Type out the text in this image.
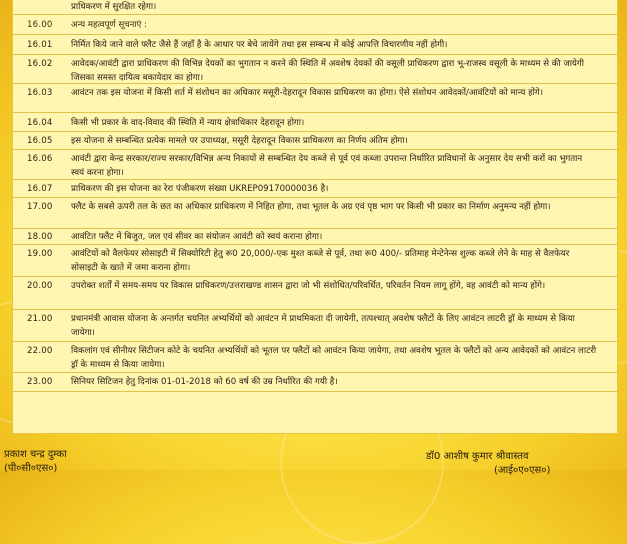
प्राधिकरण में सुरक्षित रहेगा।
16.00	अन्य महत्वपूर्ण सूचनाएं :
16.01	निर्मित किये जाने वाले फ्लैट जैसे हैं जहाँ है के आधार पर बेचे जायेंगे तथा इस सम्बन्ध में कोई आपत्ति विचारणीय नहीं होगी।
16.02	आवेदक/आवंटी द्वारा प्राधिकरण की विभिन्न देयकों का भुगतान न करने की स्थिति में अवशेष देयकों की वसूली प्राधिकरण द्वारा भू-राजस्व वसूली के माध्यम से की जायेगी जिसका समस्त दायित्व बकायेदार का होगा।
16.03	आवंटन तक इस योजना में किसी शर्त में संशोधन का अधिकार मसूरी-देहरादून विकास प्राधिकरण का होगा। ऐसे संशोधन आवेदकों/आवंटियों को मान्य होंगे।
16.04	किसी भी प्रकार के वाद-विवाद की स्थिति में न्याय क्षेत्राधिकार देहरादून होगा।
16.05	इस योजना से सम्बन्धित प्रत्येक मामले पर उपाध्यक्ष, मसूरी देहरादून विकास प्राधिकरण का निर्णय अंतिम होगा।
16.06	आवंटी द्वारा केन्द्र सरकार/राज्य सरकार/विभिन्न अन्य निकायों से सम्बन्धित देय कब्जे से पूर्व एवं कब्जा उपरान्त निर्धारित प्राविधानों के अनुसार देय सभी करों का भुगतान स्वयं करना होगा।
16.07	प्राधिकरण की इस योजना का रेरा पंजीकरण संख्या UKREP09170000036 है।
17.00	फ्लैट के सबसे ऊपरी तल के छत का अधिकार प्राधिकरण में निहित होगा, तथा भूतल के अग्र एवं पृष्ठ भाग पर किसी भी प्रकार का निर्माण अनुमन्य नहीं होगा।
18.00	आवंटित फ्लैट में बिजुत, जल एवं सीवर का संयोजन आवंटी को स्वयं कराना होगा।
19.00	आवंटियों को वैलफेयर सोसाइटी में सिक्योरिटी हेतु रू0 20,000/-एक मुश्त कब्जे से पूर्व, तथा रू0 400/- प्रतिमाह मेन्टेनेन्स शुल्क कब्जे लेने के माह से वैलफेयर सोसाइटी के खाते में जमा कराना होगा।
20.00	उपरोक्त शर्तों में समय-समय पर विकास प्राधिकरण/उत्तराखण्ड शासन द्वारा जो भी संशोधित/परिवर्धित, परिवर्तन नियम लागू होंगे, वह आवंटी को मान्य होंगे।
21.00	प्रधानमंत्री आवास योजना के अन्तर्गत चयनित अभ्यर्थियों को आवंटन में प्राथमिकता दी जायेगी, तत्पश्चात् अवशेष फ्लैटों के लिए आवंटन लाटरी ड्रॉ के माध्यम से किया जायेगा।
22.00	विकलांग एवं सीनीयर सिटीजन कोटे के चयनित अभ्यर्थियों को भूतल पर फ्लैटों को आवंटन किया जायेगा, तथा अवशेष भूतल के फ्लैटों को अन्य आवेदकों को आवंटन लाटरी ड्रॉ के माध्यम से किया जायेगा।
23.00	सिनियर सिटिजन हेतु दिनांक 01-01-2018 को 60 वर्ष की उम्र निर्धारित की गयी है।
प्रकाश चन्द्र दुम्का
(पी०सी०एस०)
डॉ0 आशीष कुमार श्रीवास्तव
(आई०ए०एस०)
